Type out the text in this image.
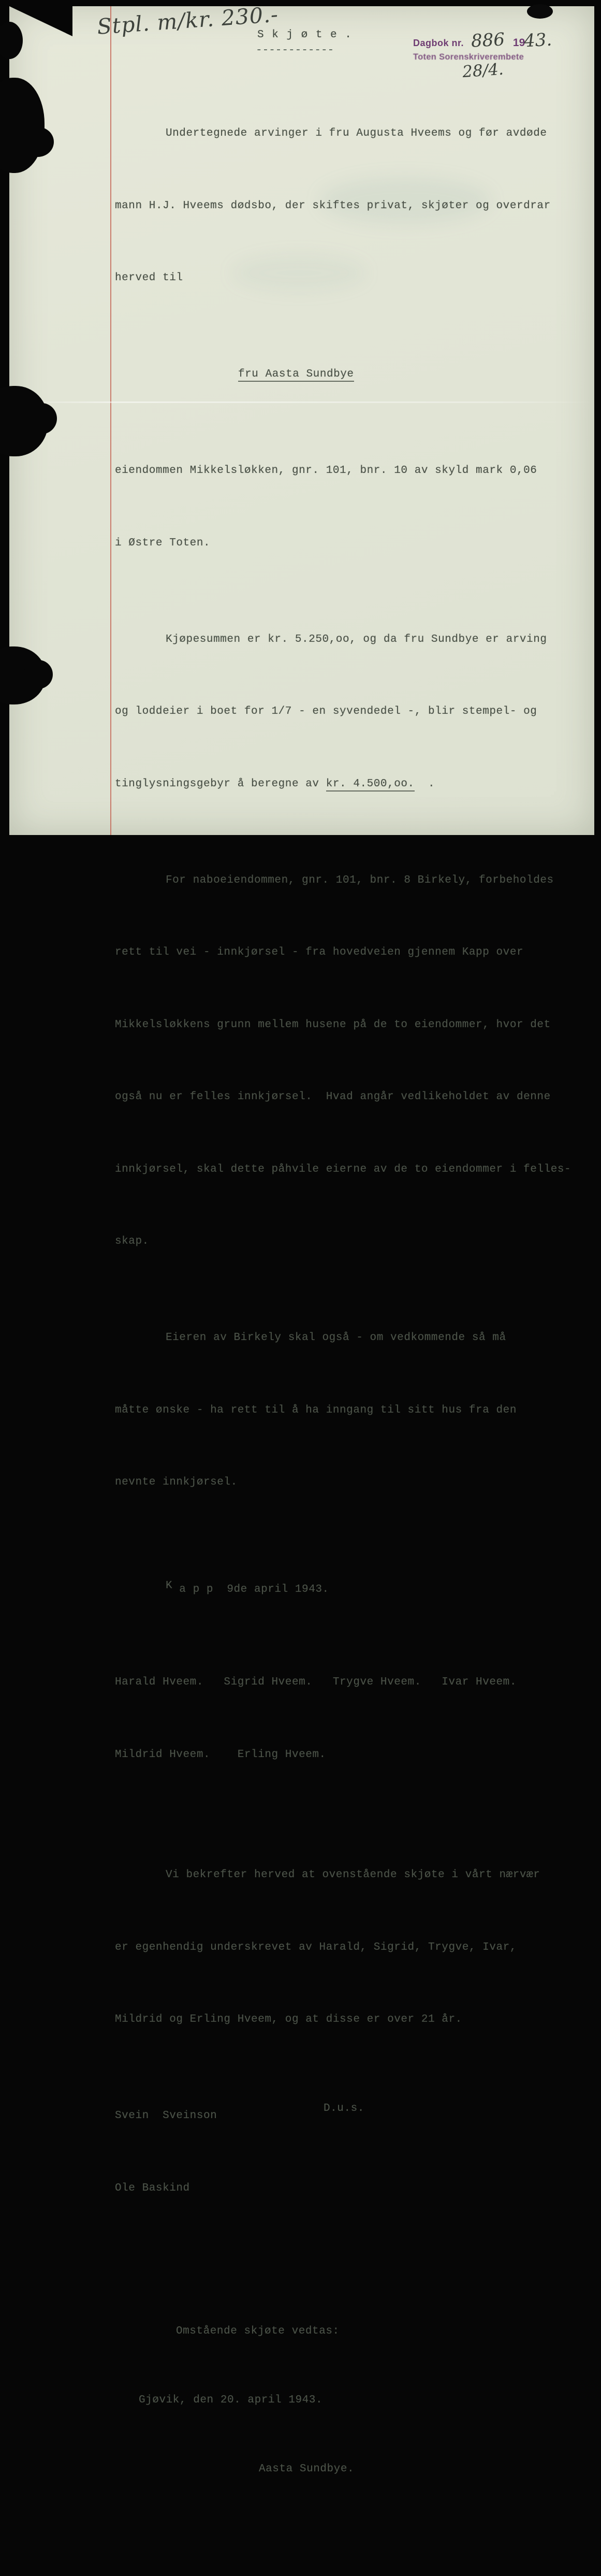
Stpl. m/kr. 230.-
S k j ø t e .
------------
Dagbok nr. 886 19
43.
Toten Sorenskriverembete
28/4.

Undertegnede arvinger i fru Augusta Hveems og før avdøde

mann H.J. Hveems dødsbo, der skiftes privat, skjøter og overdrar

herved til

fru Aasta Sundbye

eiendommen Mikkelsløkken, gnr. 101, bnr. 10 av skyld mark 0,06

i Østre Toten.

Kjøpesummen er kr. 5.250,oo, og da fru Sundbye er arving

og loddeier i boet for 1/7 - en syvendedel -, blir stempel- og

tinglysningsgebyr å beregne av kr. 4.500,oo.  .

For naboeiendommen, gnr. 101, bnr. 8 Birkely, forbeholdes

rett til vei - innkjørsel - fra hovedveien gjennem Kapp over

Mikkelsløkkens grunn mellem husene på de to eiendommer, hvor det

også nu er felles innkjørsel.  Hvad angår vedlikeholdet av denne

innkjørsel, skal dette påhvile eierne av de to eiendommer i felles-

skap.

Eieren av Birkely skal også - om vedkommende så må

måtte ønske - ha rett til å ha inngang til sitt hus fra den

nevnte innkjørsel.

K a p p  9de april 1943.

Harald Hveem.   Sigrid Hveem.   Trygve Hveem.   Ivar Hveem.

Mildrid Hveem.    Erling Hveem.

Vi bekrefter herved at ovenstående skjøte i vårt nærvær

er egenhendig underskrevet av Harald, Sigrid, Trygve, Ivar,

Mildrid og Erling Hveem, og at disse er over 21 år.

Svein  Sveinson
D.u.s.

Ole Baskind

Omstående skjøte vedtas:

Gjøvik, den 20. april 1943.

Aasta Sundbye.
